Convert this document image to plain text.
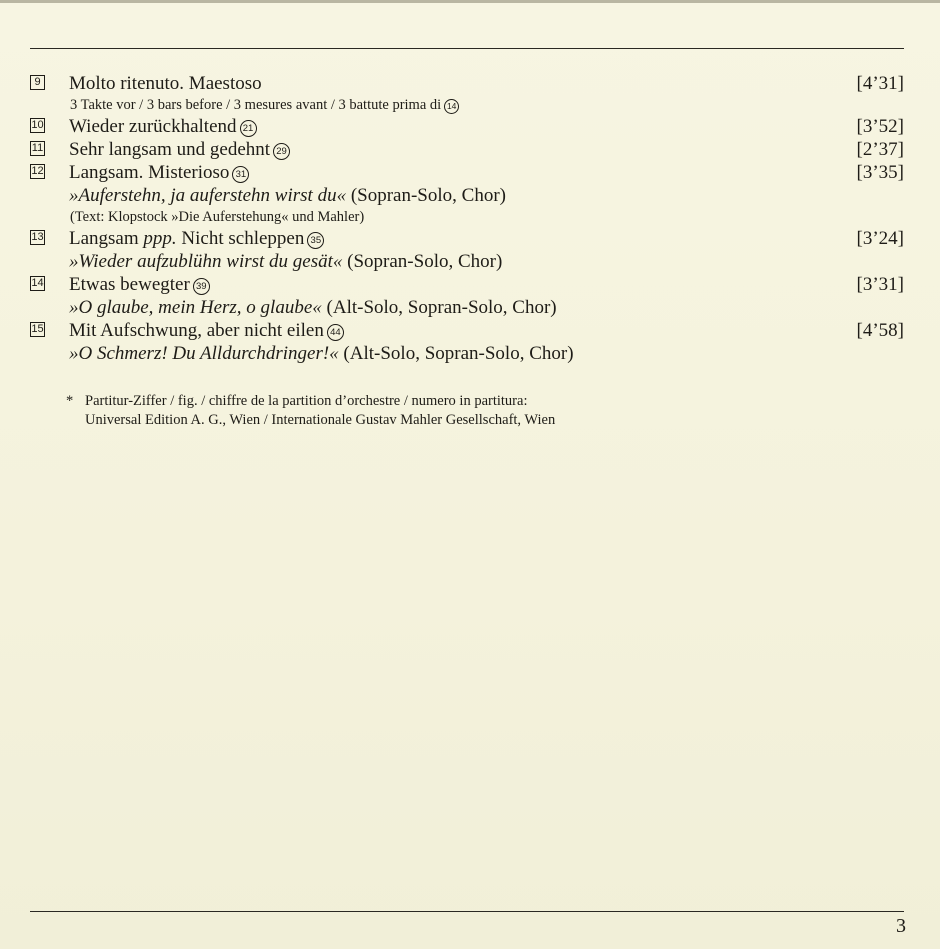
9 Molto ritenuto. Maestoso	[4’31]
3 Takte vor / 3 bars before / 3 mesures avant / 3 battute prima di 14
10 Wieder zurückhaltend 21	[3’52]
11 Sehr langsam und gedehnt 29	[2’37]
12 Langsam. Misterioso 31	[3’35]
»Auferstehn, ja auferstehn wirst du« (Sopran-Solo, Chor)
(Text: Klopstock »Die Auferstehung« und Mahler)
13 Langsam ppp. Nicht schleppen 35	[3’24]
»Wieder aufzublühn wirst du gesät« (Sopran-Solo, Chor)
14 Etwas bewegter 39	[3’31]
»O glaube, mein Herz, o glaube« (Alt-Solo, Sopran-Solo, Chor)
15 Mit Aufschwung, aber nicht eilen 44	[4’58]
»O Schmerz! Du Alldurchdringer!« (Alt-Solo, Sopran-Solo, Chor)
* Partitur-Ziffer / fig. / chiffre de la partition d’orchestre / numero in partitura:
Universal Edition A. G., Wien / Internationale Gustav Mahler Gesellschaft, Wien
3
